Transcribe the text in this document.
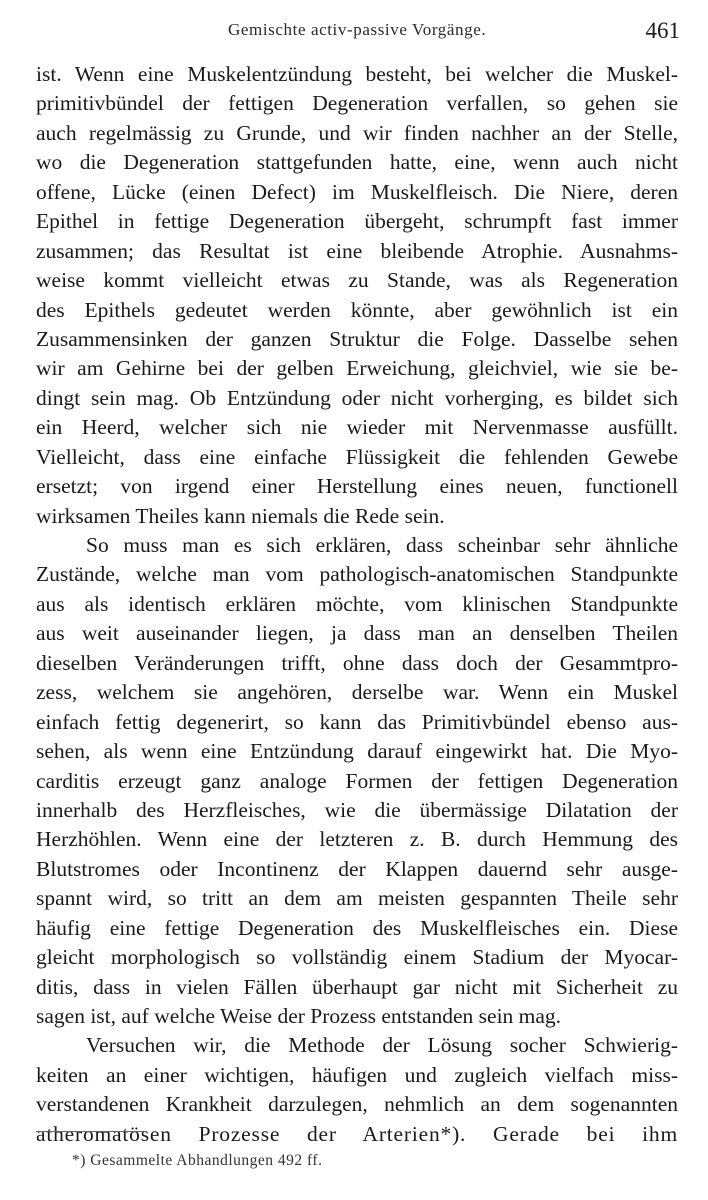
Gemischte activ-passive Vorgänge.	461
ist. Wenn eine Muskelentzündung besteht, bei welcher die Muskel-
primitivbündel der fettigen Degeneration verfallen, so gehen sie
auch regelmässig zu Grunde, und wir finden nachher an der Stelle,
wo die Degeneration stattgefunden hatte, eine, wenn auch nicht
offene, Lücke (einen Defect) im Muskelfleisch. Die Niere, deren
Epithel in fettige Degeneration übergeht, schrumpft fast immer
zusammen; das Resultat ist eine bleibende Atrophie. Ausnahms-
weise kommt vielleicht etwas zu Stande, was als Regeneration
des Epithels gedeutet werden könnte, aber gewöhnlich ist ein
Zusammensinken der ganzen Struktur die Folge. Dasselbe sehen
wir am Gehirne bei der gelben Erweichung, gleichviel, wie sie be-
dingt sein mag. Ob Entzündung oder nicht vorherging, es bildet sich
ein Heerd, welcher sich nie wieder mit Nervenmasse ausfüllt.
Vielleicht, dass eine einfache Flüssigkeit die fehlenden Gewebe
ersetzt; von irgend einer Herstellung eines neuen, functionell
wirksamen Theiles kann niemals die Rede sein.
So muss man es sich erklären, dass scheinbar sehr ähnliche
Zustände, welche man vom pathologisch-anatomischen Standpunkte
aus als identisch erklären möchte, vom klinischen Standpunkte
aus weit auseinander liegen, ja dass man an denselben Theilen
dieselben Veränderungen trifft, ohne dass doch der Gesammtpro-
zess, welchem sie angehören, derselbe war. Wenn ein Muskel
einfach fettig degenerirt, so kann das Primitivbündel ebenso aus-
sehen, als wenn eine Entzündung darauf eingewirkt hat. Die Myo-
carditis erzeugt ganz analoge Formen der fettigen Degeneration
innerhalb des Herzfleisches, wie die übermässige Dilatation der
Herzhöhlen. Wenn eine der letzteren z. B. durch Hemmung des
Blutstromes oder Incontinenz der Klappen dauernd sehr ausge-
spannt wird, so tritt an dem am meisten gespannten Theile sehr
häufig eine fettige Degeneration des Muskelfleisches ein. Diese
gleicht morphologisch so vollständig einem Stadium der Myocar-
ditis, dass in vielen Fällen überhaupt gar nicht mit Sicherheit zu
sagen ist, auf welche Weise der Prozess entstanden sein mag.
Versuchen wir, die Methode der Lösung socher Schwierig-
keiten an einer wichtigen, häufigen und zugleich vielfach miss-
verstandenen Krankheit darzulegen, nehmlich an dem sogenannten
atheromatösen Prozesse der Arterien*). Gerade bei ihm
*) Gesammelte Abhandlungen 492 ff.
